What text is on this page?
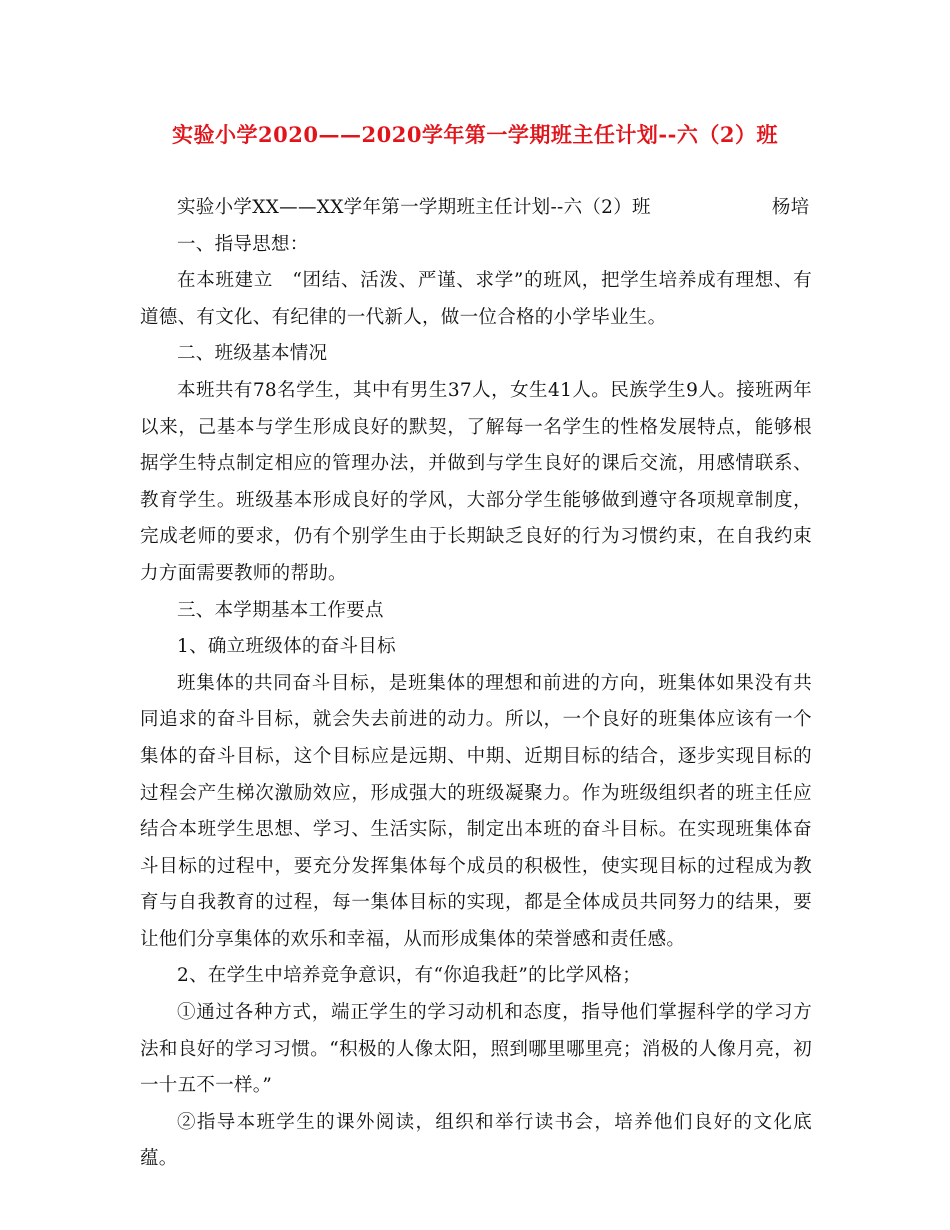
实验小学2020——2020学年第一学期班主任计划--六（2）班

实验小学XX——XX学年第一学期班主任计划--六（2）班	杨培

一、指导思想：

在本班建立　“团结、活泼、严谨、求学”的班风，把学生培养成有理想、有道德、有文化、有纪律的一代新人，做一位合格的小学毕业生。

二、班级基本情况

本班共有78名学生，其中有男生37人，女生41人。民族学生9人。接班两年以来，己基本与学生形成良好的默契，了解每一名学生的性格发展特点，能够根据学生特点制定相应的管理办法，并做到与学生良好的课后交流，用感情联系、教育学生。班级基本形成良好的学风，大部分学生能够做到遵守各项规章制度，完成老师的要求，仍有个别学生由于长期缺乏良好的行为习惯约束，在自我约束力方面需要教师的帮助。

三、本学期基本工作要点

1、确立班级体的奋斗目标

班集体的共同奋斗目标，是班集体的理想和前进的方向，班集体如果没有共同追求的奋斗目标，就会失去前进的动力。所以，一个良好的班集体应该有一个集体的奋斗目标，这个目标应是远期、中期、近期目标的结合，逐步实现目标的过程会产生梯次激励效应，形成强大的班级凝聚力。作为班级组织者的班主任应结合本班学生思想、学习、生活实际，制定出本班的奋斗目标。在实现班集体奋斗目标的过程中，要充分发挥集体每个成员的积极性，使实现目标的过程成为教育与自我教育的过程，每一集体目标的实现，都是全体成员共同努力的结果，要让他们分享集体的欢乐和幸福，从而形成集体的荣誉感和责任感。

2、在学生中培养竞争意识，有“你追我赶”的比学风格；

①通过各种方式，端正学生的学习动机和态度，指导他们掌握科学的学习方法和良好的学习习惯。“积极的人像太阳，照到哪里哪里亮；消极的人像月亮，初一十五不一样。”

②指导本班学生的课外阅读，组织和举行读书会，培养他们良好的文化底蕴。
